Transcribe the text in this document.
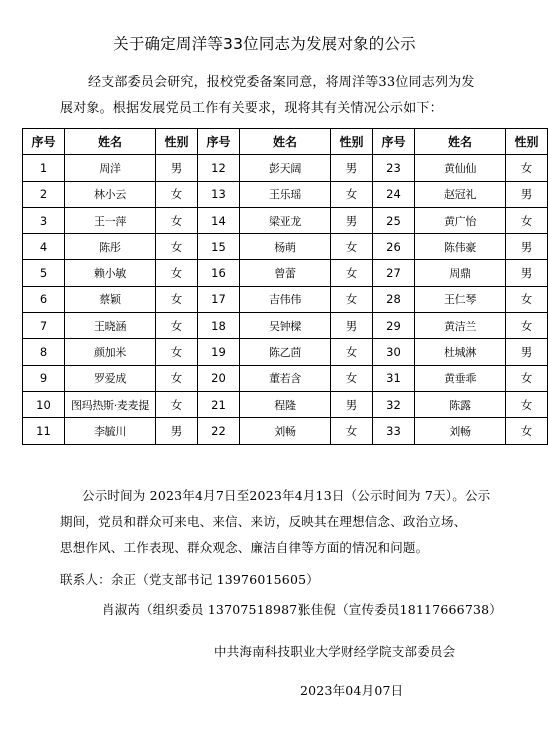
关于确定周洋等33位同志为发展对象的公示
经支部委员会研究，报校党委备案同意，将周洋等33位同志列为发展对象。根据发展党员工作有关要求，现将其有关情况公示如下：
序号	姓名	性别	序号	姓名	性别	序号	姓名	性别
1	周洋	男	12	彭天阔	男	23	黄仙仙	女
2	林小云	女	13	王乐瑶	女	24	赵冠礼	男
3	王一萍	女	14	梁亚龙	男	25	黄广怡	女
4	陈彤	女	15	杨萌	女	26	陈伟豪	男
5	赖小敏	女	16	曾蕾	女	27	周鼎	男
6	蔡颖	女	17	吉伟伟	女	28	王仁琴	女
7	王晓涵	女	18	吴钟樑	男	29	黄洁兰	女
8	颜加米	女	19	陈乙茴	女	30	杜城淋	男
9	罗爱成	女	20	董若含	女	31	黄垂乖	女
10	图玛热斯·麦麦提	女	21	程隆	男	32	陈露	女
11	李毓川	男	22	刘畅	女	33	刘畅	女
公示时间为 2023年4月7日至2023年4月13日（公示时间为 7天）。公示
期间，党员和群众可来电、来信、来访，反映其在理想信念、政治立场、
思想作风、工作表现、群众观念、廉洁自律等方面的情况和问题。
联系人：余正（党支部书记 13976015605）
肖淑芮（组织委员 13707518987）
张佳倪（宣传委员18117666738）
中共海南科技职业大学财经学院支部委员会
2023年04月07日
